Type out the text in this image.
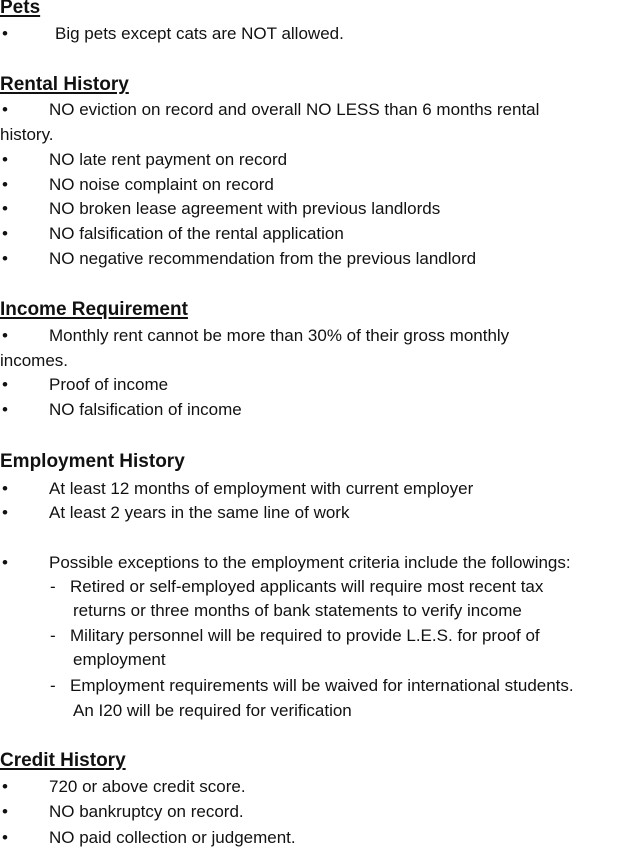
Pets
•	Big pets except cats are NOT allowed.
Rental History
• NO eviction on record and overall NO LESS than 6 months rental
history.
• NO late rent payment on record
• NO noise complaint on record
• NO broken lease agreement with previous landlords
• NO falsification of the rental application
• NO negative recommendation from the previous landlord
Income Requirement
• Monthly rent cannot be more than 30% of their gross monthly
incomes.
• Proof of income
• NO falsification of income
Employment History
• At least 12 months of employment with current employer
• At least 2 years in the same line of work
• Possible exceptions to the employment criteria include the followings:
- Retired or self-employed applicants will require most recent tax
returns or three months of bank statements to verify income
- Military personnel will be required to provide L.E.S. for proof of
employment
- Employment requirements will be waived for international students.
An I20 will be required for verification
Credit History
• 720 or above credit score.
• NO bankruptcy on record.
• NO paid collection or judgement.
